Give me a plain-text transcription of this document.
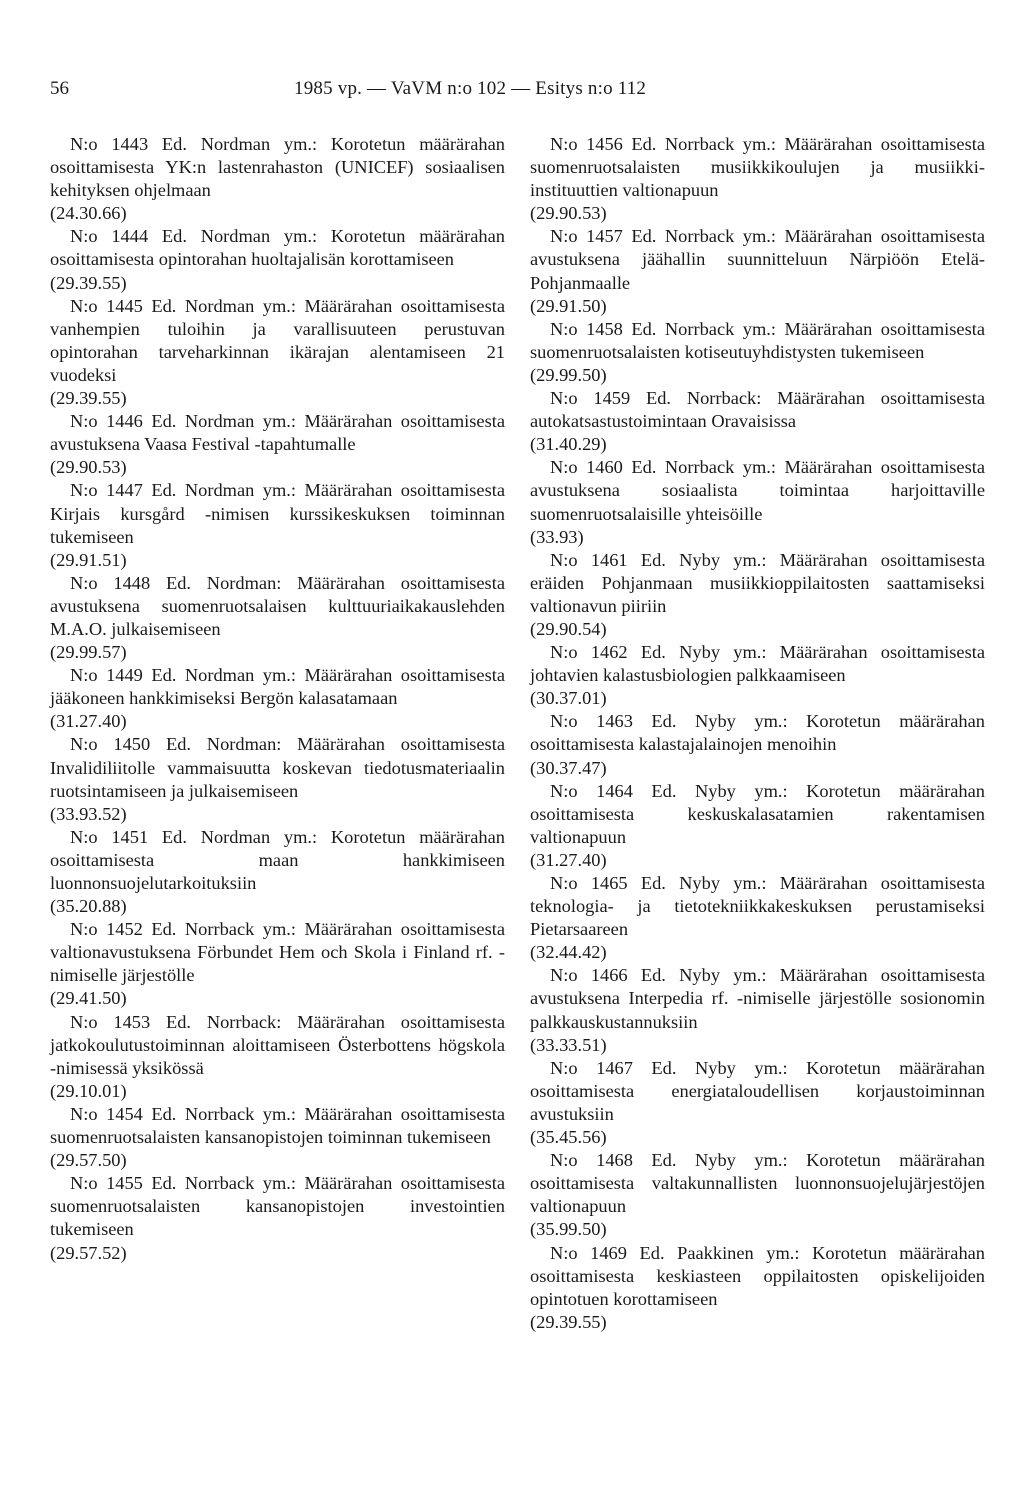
56	1985 vp. — VaVM n:o 102 — Esitys n:o 112

N:o 1443 Ed. Nordman ym.: Korotetun määrärahan osoittamisesta YK:n lastenrahaston (UNICEF) sosiaalisen kehityksen ohjelmaan

(24.30.66)

N:o 1444 Ed. Nordman ym.: Korotetun määrärahan osoittamisesta opintorahan huoltajalisän korottamiseen

(29.39.55)

N:o 1445 Ed. Nordman ym.: Määrärahan osoittamisesta vanhempien tuloihin ja varallisuuteen perustuvan opintorahan tarveharkinnan ikärajan alentamiseen 21 vuodeksi

(29.39.55)

N:o 1446 Ed. Nordman ym.: Määrärahan osoittamisesta avustuksena Vaasa Festival -tapahtumalle

(29.90.53)

N:o 1447 Ed. Nordman ym.: Määrärahan osoittamisesta Kirjais kursgård -nimisen kurssikeskuksen toiminnan tukemiseen

(29.91.51)

N:o 1448 Ed. Nordman: Määrärahan osoittamisesta avustuksena suomenruotsalaisen kulttuuriaikakauslehden M.A.O. julkaisemiseen

(29.99.57)

N:o 1449 Ed. Nordman ym.: Määrärahan osoittamisesta jääkoneen hankkimiseksi Bergön kalasatamaan

(31.27.40)

N:o 1450 Ed. Nordman: Määrärahan osoittamisesta Invalidiliitolle vammaisuutta koskevan tiedotusmateriaalin ruotsintamiseen ja julkaisemiseen

(33.93.52)

N:o 1451 Ed. Nordman ym.: Korotetun määrärahan osoittamisesta maan hankkimiseen luonnonsuojelutarkoituksiin

(35.20.88)

N:o 1452 Ed. Norrback ym.: Määrärahan osoittamisesta valtionavustuksena Förbundet Hem och Skola i Finland rf. -nimiselle järjestölle

(29.41.50)

N:o 1453 Ed. Norrback: Määrärahan osoittamisesta jatkokoulutustoiminnan aloittamiseen Österbottens högskola -nimisessä yksikössä

(29.10.01)

N:o 1454 Ed. Norrback ym.: Määrärahan osoittamisesta suomenruotsalaisten kansanopistojen toiminnan tukemiseen

(29.57.50)

N:o 1455 Ed. Norrback ym.: Määrärahan osoittamisesta suomenruotsalaisten kansanopistojen investointien tukemiseen

(29.57.52)

N:o 1456 Ed. Norrback ym.: Määrärahan osoittamisesta suomenruotsalaisten musiikkikoulujen ja musiikki-instituuttien valtionapuun

(29.90.53)

N:o 1457 Ed. Norrback ym.: Määrärahan osoittamisesta avustuksena jäähallin suunnitteluun Närpiöön Etelä-Pohjanmaalle

(29.91.50)

N:o 1458 Ed. Norrback ym.: Määrärahan osoittamisesta suomenruotsalaisten kotiseutuyhdistysten tukemiseen

(29.99.50)

N:o 1459 Ed. Norrback: Määrärahan osoittamisesta autokatsastustoimintaan Oravaisissa

(31.40.29)

N:o 1460 Ed. Norrback ym.: Määrärahan osoittamisesta avustuksena sosiaalista toimintaa harjoittaville suomenruotsalaisille yhteisöille

(33.93)

N:o 1461 Ed. Nyby ym.: Määrärahan osoittamisesta eräiden Pohjanmaan musiikkioppilaitosten saattamiseksi valtionavun piiriin

(29.90.54)

N:o 1462 Ed. Nyby ym.: Määrärahan osoittamisesta johtavien kalastusbiologien palkkaamiseen

(30.37.01)

N:o 1463 Ed. Nyby ym.: Korotetun määrärahan osoittamisesta kalastajalainojen menoihin

(30.37.47)

N:o 1464 Ed. Nyby ym.: Korotetun määrärahan osoittamisesta keskuskalasatamien rakentamisen valtionapuun

(31.27.40)

N:o 1465 Ed. Nyby ym.: Määrärahan osoittamisesta teknologia- ja tietotekniikkakeskuksen perustamiseksi Pietarsaareen

(32.44.42)

N:o 1466 Ed. Nyby ym.: Määrärahan osoittamisesta avustuksena Interpedia rf. -nimiselle järjestölle sosionomin palkkauskustannuksiin

(33.33.51)

N:o 1467 Ed. Nyby ym.: Korotetun määrärahan osoittamisesta energiataloudellisen korjaustoiminnan avustuksiin

(35.45.56)

N:o 1468 Ed. Nyby ym.: Korotetun määrärahan osoittamisesta valtakunnallisten luonnonsuojelujärjestöjen valtionapuun

(35.99.50)

N:o 1469 Ed. Paakkinen ym.: Korotetun määrärahan osoittamisesta keskiasteen oppilaitosten opiskelijoiden opintotuen korottamiseen

(29.39.55)
